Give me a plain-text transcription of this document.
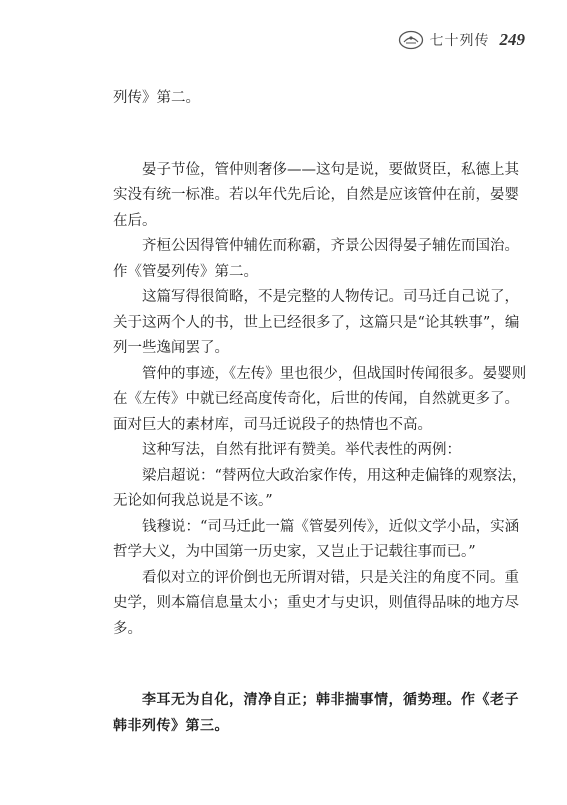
七十列传 249

列传》第二。

晏子节俭，管仲则奢侈——这句是说，要做贤臣，私德上其实没有统一标准。若以年代先后论，自然是应该管仲在前，晏婴在后。

齐桓公因得管仲辅佐而称霸，齐景公因得晏子辅佐而国治。作《管晏列传》第二。

这篇写得很简略，不是完整的人物传记。司马迁自己说了，关于这两个人的书，世上已经很多了，这篇只是“论其轶事”，编列一些逸闻罢了。

管仲的事迹，《左传》里也很少，但战国时传闻很多。晏婴则在《左传》中就已经高度传奇化，后世的传闻，自然就更多了。面对巨大的素材库，司马迁说段子的热情也不高。

这种写法，自然有批评有赞美。举代表性的两例：

梁启超说：“替两位大政治家作传，用这种走偏锋的观察法，无论如何我总说是不该。”

钱穆说：“司马迁此一篇《管晏列传》，近似文学小品，实涵哲学大义，为中国第一历史家，又岂止于记载往事而已。”

看似对立的评价倒也无所谓对错，只是关注的角度不同。重史学，则本篇信息量太小；重史才与史识，则值得品味的地方尽多。

李耳无为自化，清净自正；韩非揣事情，循势理。作《老子韩非列传》第三。
